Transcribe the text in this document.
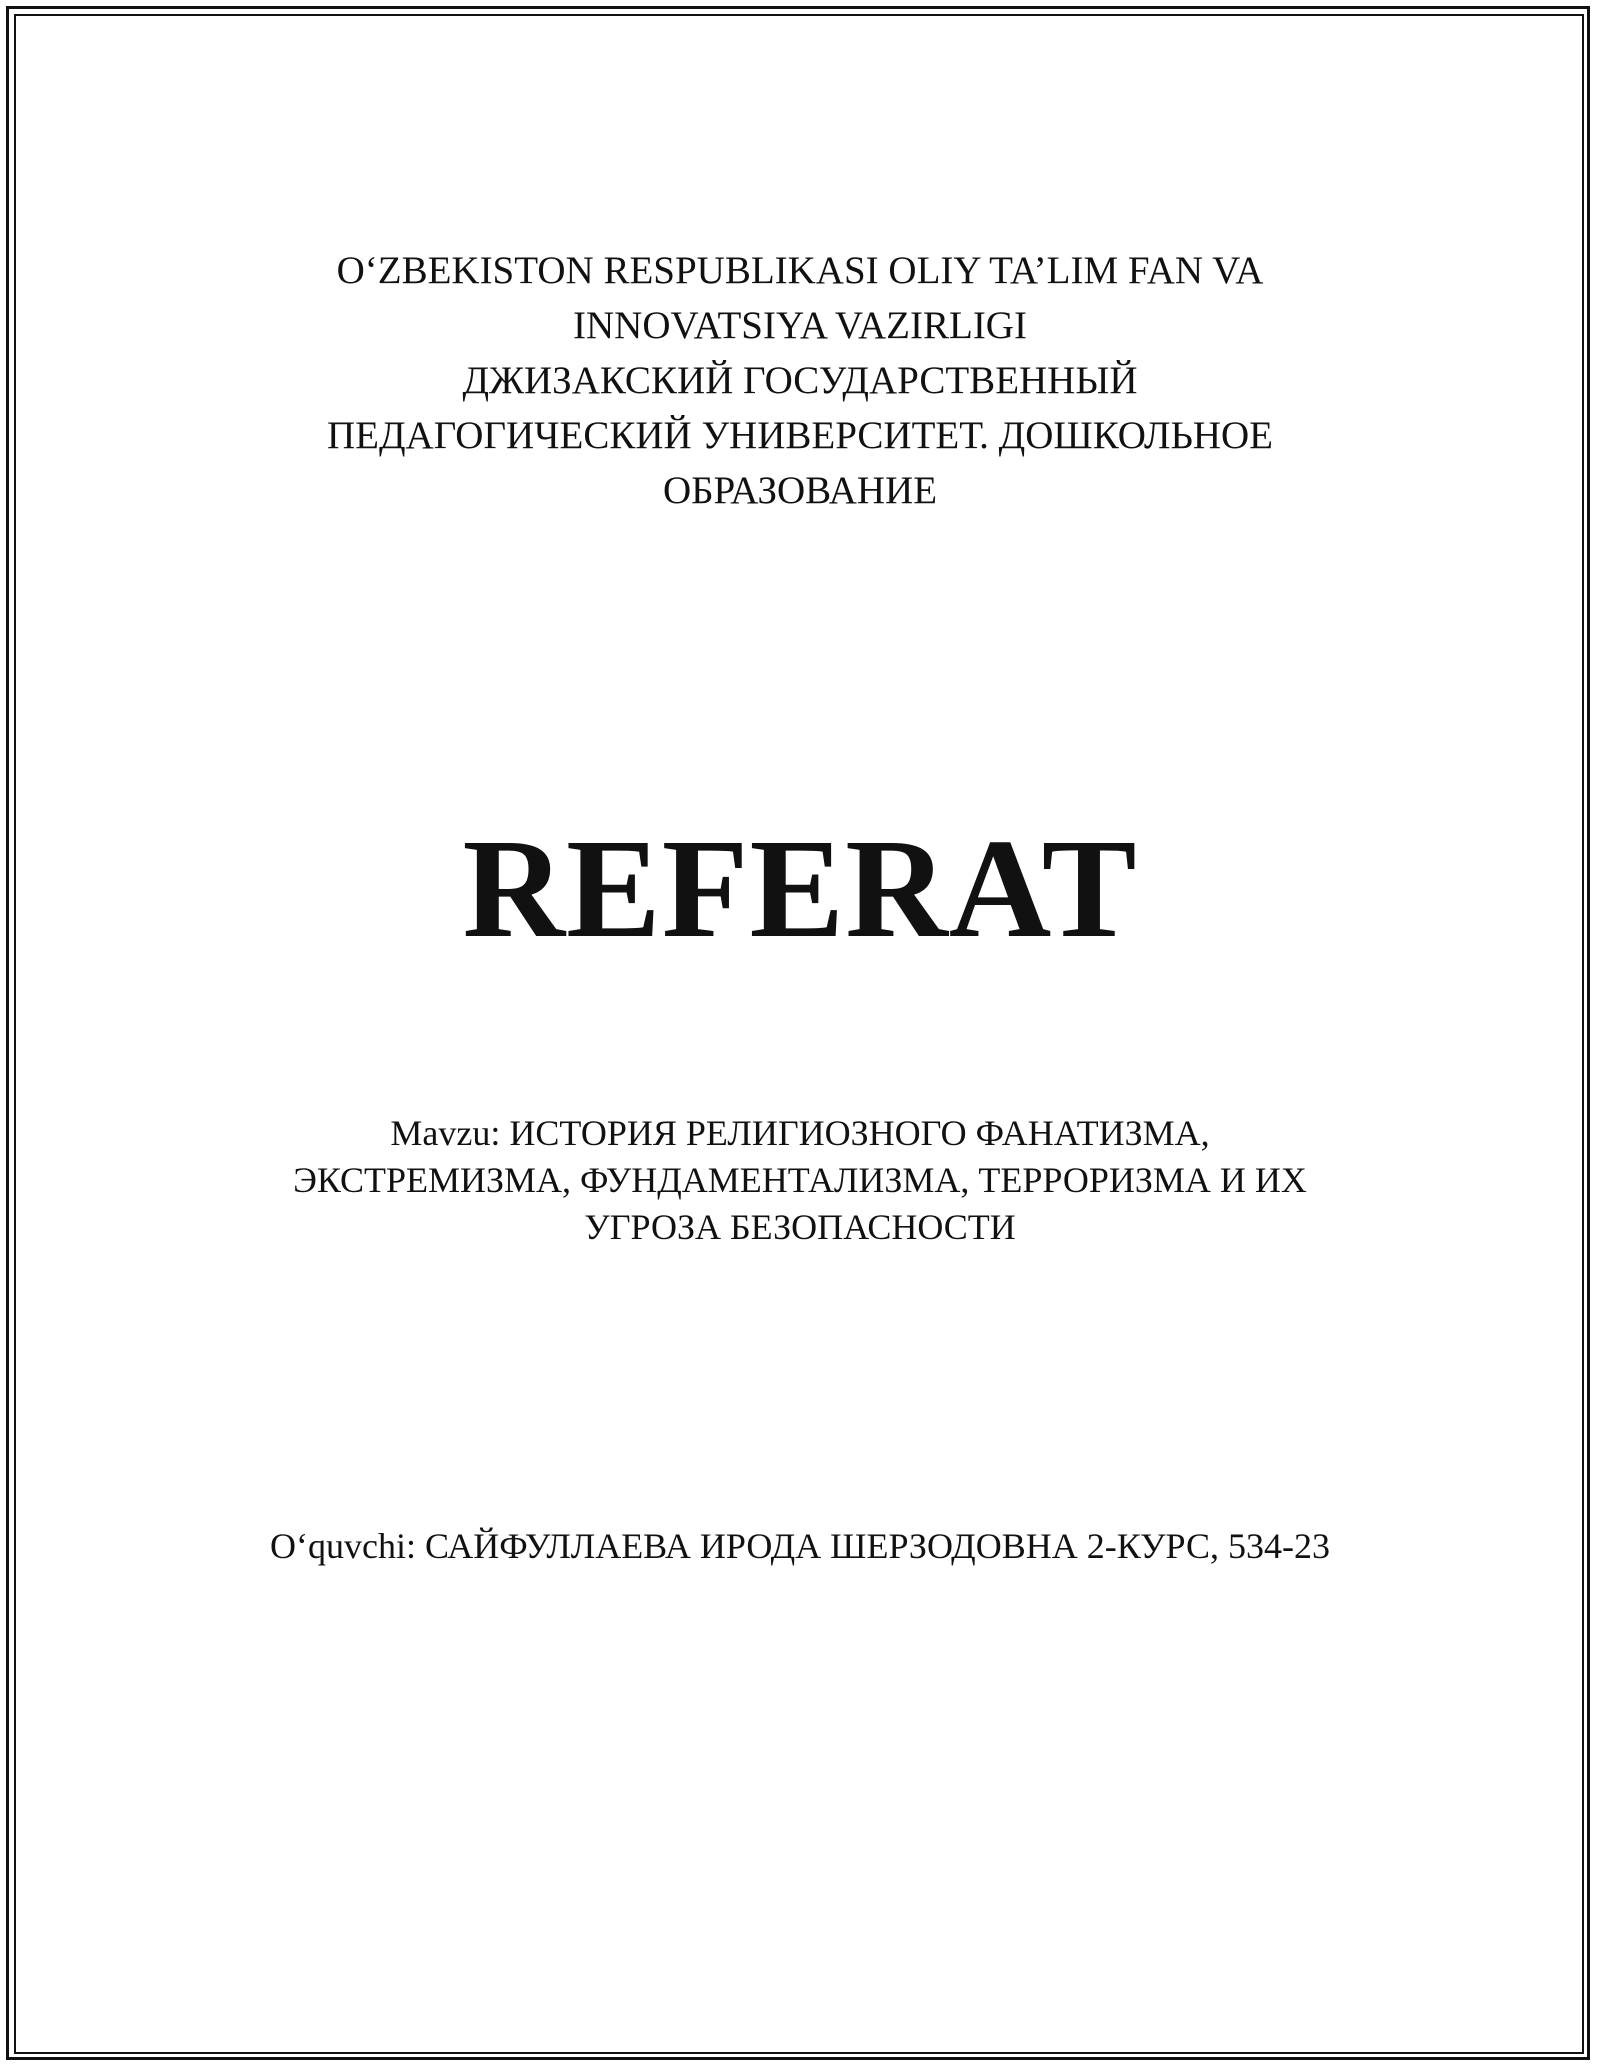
O‘ZBEKISTON RESPUBLIKASI OLIY TA’LIM FAN VA
INNOVATSIYA VAZIRLIGI
ДЖИЗАКСКИЙ ГОСУДАРСТВЕННЫЙ
ПЕДАГОГИЧЕСКИЙ УНИВЕРСИТЕТ. ДОШКОЛЬНОЕ
ОБРАЗОВАНИЕ
REFERAT
Mavzu: ИСТОРИЯ РЕЛИГИОЗНОГО ФАНАТИЗМА,
ЭКСТРЕМИЗМА, ФУНДАМЕНТАЛИЗМА, ТЕРРОРИЗМА И ИХ
УГРОЗА БЕЗОПАСНОСТИ
O‘quvchi: САЙФУЛЛАЕВА ИРОДА ШЕРЗОДОВНА 2-КУРС, 534-23
